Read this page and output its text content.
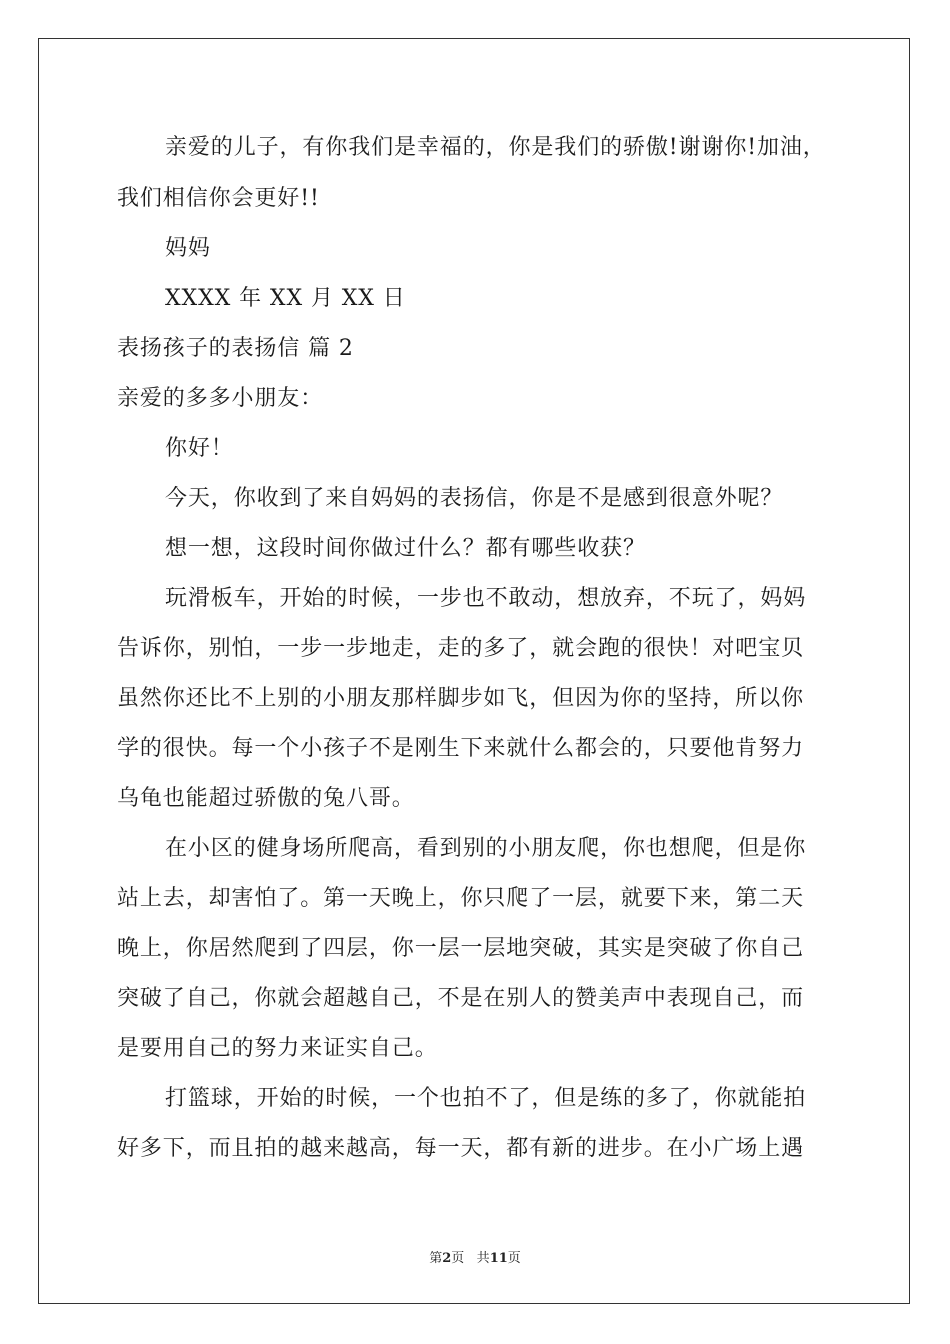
亲爱的儿子，有你我们是幸福的，你是我们的骄傲!谢谢你!加油，
我们相信你会更好!!
妈妈
XXXX 年 XX 月 XX 日
表扬孩子的表扬信 篇 2
亲爱的多多小朋友：
你好！
今天，你收到了来自妈妈的表扬信，你是不是感到很意外呢？
想一想，这段时间你做过什么？都有哪些收获？
玩滑板车，开始的时候，一步也不敢动，想放弃，不玩了，妈妈
告诉你，别怕，一步一步地走，走的多了，就会跑的很快！对吧宝贝
虽然你还比不上别的小朋友那样脚步如飞，但因为你的坚持，所以你
学的很快。每一个小孩子不是刚生下来就什么都会的，只要他肯努力
乌龟也能超过骄傲的兔八哥。
在小区的健身场所爬高，看到别的小朋友爬，你也想爬，但是你
站上去，却害怕了。第一天晚上，你只爬了一层，就要下来，第二天
晚上，你居然爬到了四层，你一层一层地突破，其实是突破了你自己
突破了自己，你就会超越自己，不是在别人的赞美声中表现自己，而
是要用自己的努力来证实自己。
打篮球，开始的时候，一个也拍不了，但是练的多了，你就能拍
好多下，而且拍的越来越高，每一天，都有新的进步。在小广场上遇
第2页 共11页
